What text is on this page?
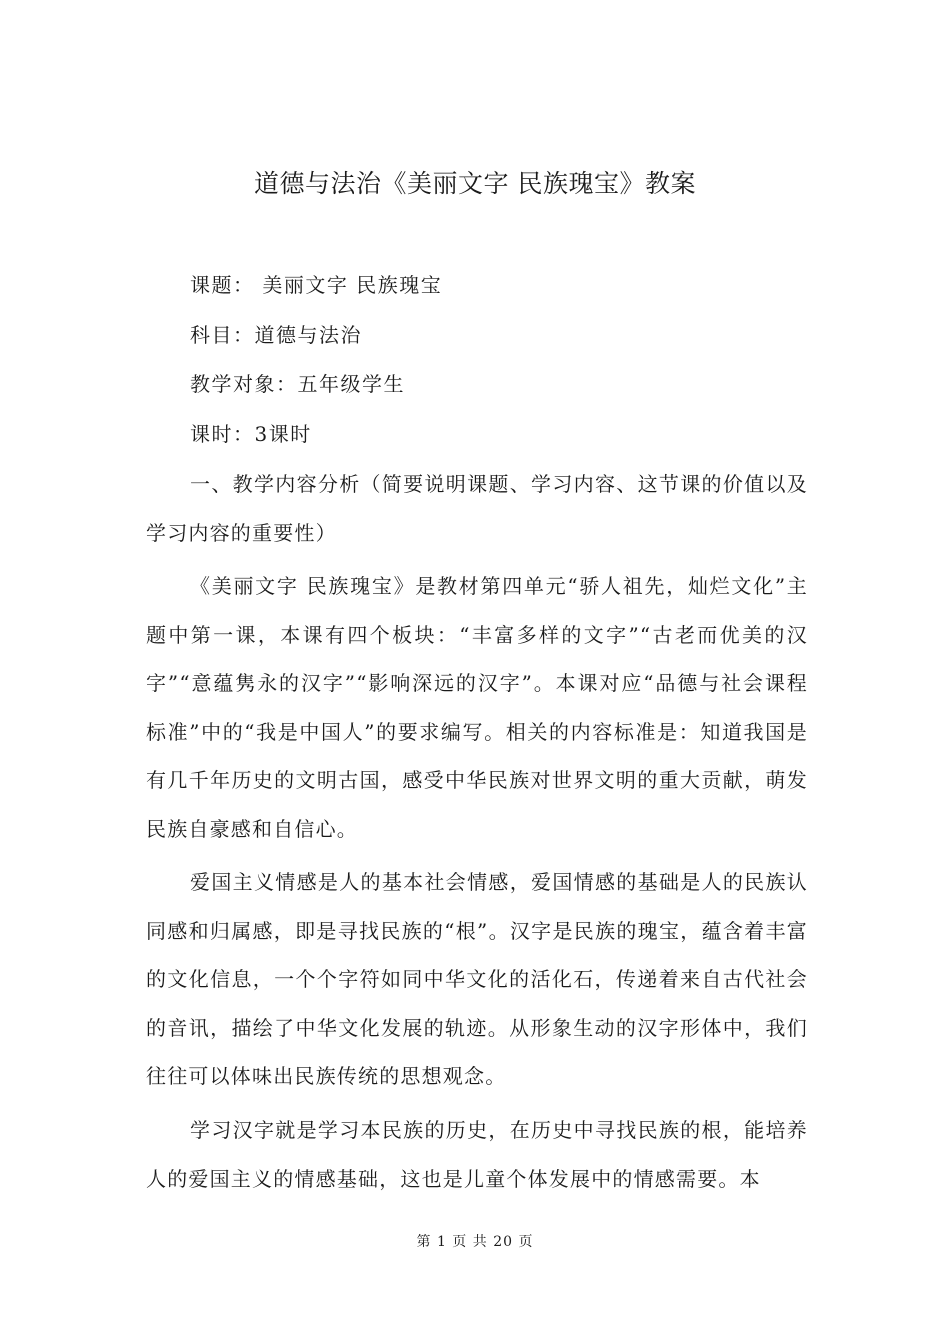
道德与法治《美丽文字 民族瑰宝》教案
课题： 美丽文字 民族瑰宝
科目：道德与法治
教学对象：五年级学生
课时：3课时
一、教学内容分析（简要说明课题、学习内容、这节课的价值以及学习内容的重要性）
《美丽文字 民族瑰宝》是教材第四单元“骄人祖先，灿烂文化”主题中第一课，本课有四个板块：“丰富多样的文字”“古老而优美的汉字”“意蕴隽永的汉字”“影响深远的汉字”。本课对应“品德与社会课程标准”中的“我是中国人”的要求编写。相关的内容标准是：知道我国是有几千年历史的文明古国，感受中华民族对世界文明的重大贡献，萌发民族自豪感和自信心。
爱国主义情感是人的基本社会情感，爱国情感的基础是人的民族认同感和归属感，即是寻找民族的“根”。汉字是民族的瑰宝，蕴含着丰富的文化信息，一个个字符如同中华文化的活化石，传递着来自古代社会的音讯，描绘了中华文化发展的轨迹。从形象生动的汉字形体中，我们往往可以体味出民族传统的思想观念。
学习汉字就是学习本民族的历史，在历史中寻找民族的根，能培养人的爱国主义的情感基础，这也是儿童个体发展中的情感需要。本
第 1 页 共 20 页
